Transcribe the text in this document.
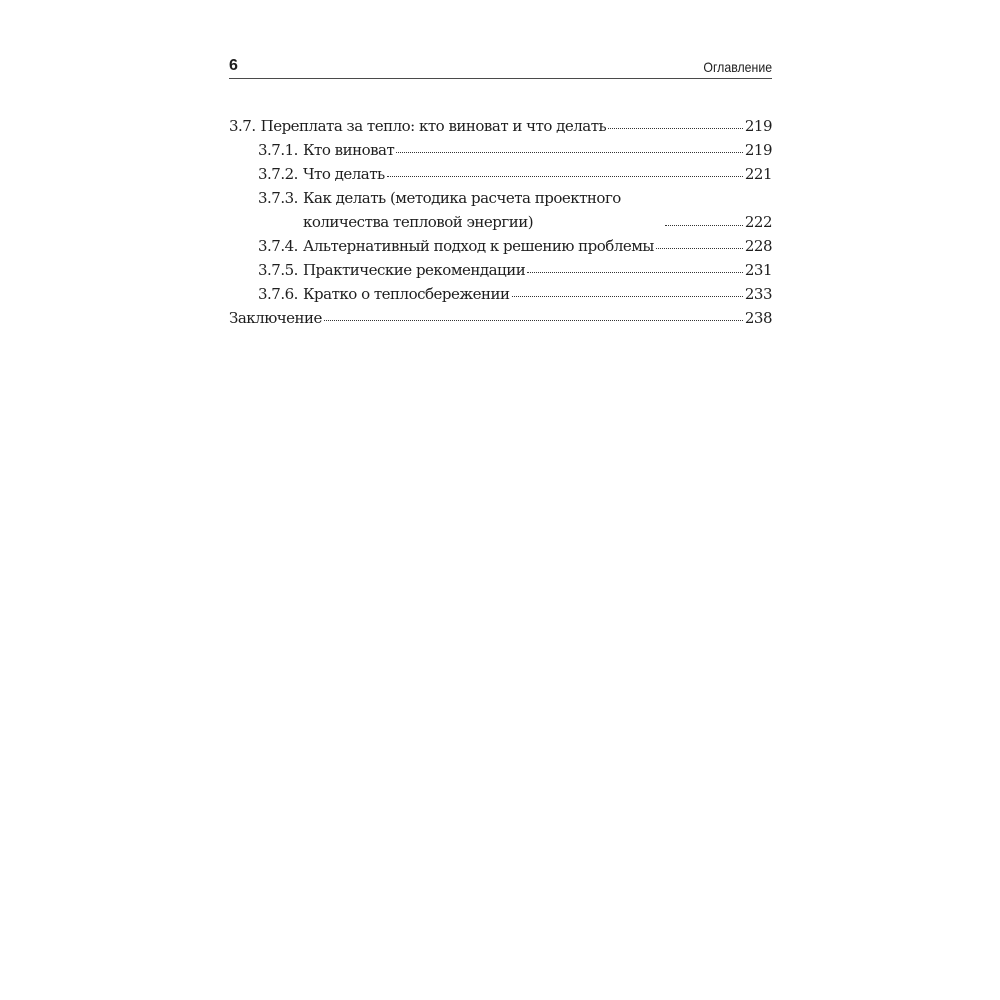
6	Оглавление
3.7. Переплата за тепло: кто виноват и что делать	219
3.7.1. Кто виноват	219
3.7.2. Что делать	221
3.7.3. Как делать (методика расчета проектного количества тепловой энергии)	222
3.7.4. Альтернативный подход к решению проблемы	228
3.7.5. Практические рекомендации	231
3.7.6. Кратко о теплосбережении	233
Заключение	238
